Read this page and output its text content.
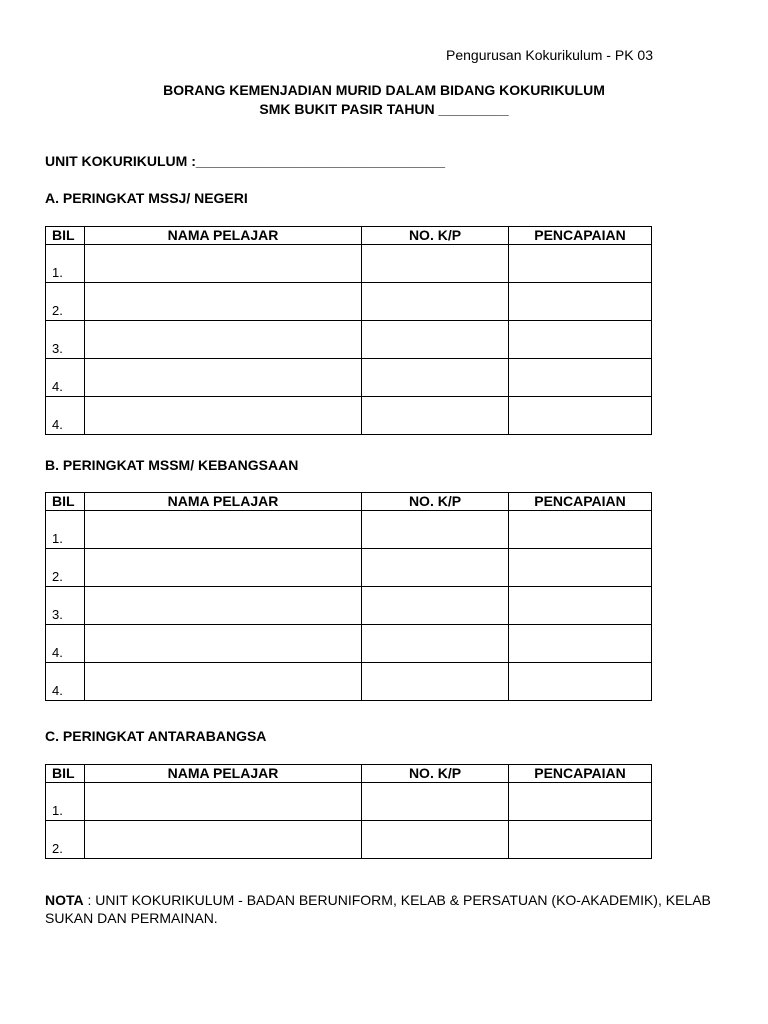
Pengurusan Kokurikulum - PK 03
BORANG KEMENJADIAN MURID DALAM BIDANG KOKURIKULUM
SMK BUKIT PASIR TAHUN _________
UNIT KOKURIKULUM :________________________________
A. PERINGKAT MSSJ/ NEGERI
BIL	NAMA PELAJAR	NO. K/P	PENCAPAIAN
1.			
2.			
3.			
4.			
4.			
B. PERINGKAT MSSM/ KEBANGSAAN
BIL	NAMA PELAJAR	NO. K/P	PENCAPAIAN
1.			
2.			
3.			
4.			
4.			
C. PERINGKAT ANTARABANGSA
BIL	NAMA PELAJAR	NO. K/P	PENCAPAIAN
1.			
2.			
NOTA : UNIT KOKURIKULUM - BADAN BERUNIFORM, KELAB & PERSATUAN (KO-AKADEMIK), KELAB SUKAN DAN PERMAINAN.
